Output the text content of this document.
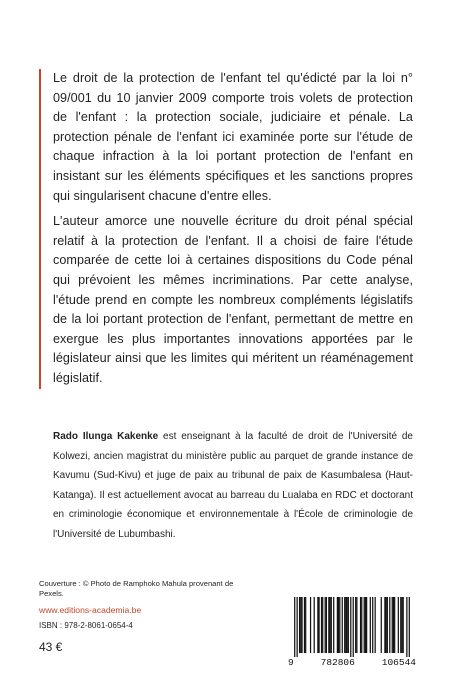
Le droit de la protection de l'enfant tel qu'édicté par la loi n° 09/001 du 10 janvier 2009 comporte trois volets de protection de l'enfant : la protection sociale, judiciaire et pénale. La protection pénale de l'enfant ici examinée porte sur l'étude de chaque infraction à la loi portant protection de l'enfant en insistant sur les éléments spécifiques et les sanctions propres qui singularisent chacune d'entre elles.

L'auteur amorce une nouvelle écriture du droit pénal spécial relatif à la protection de l'enfant. Il a choisi de faire l'étude comparée de cette loi à certaines dispositions du Code pénal qui prévoient les mêmes incriminations. Par cette analyse, l'étude prend en compte les nombreux compléments législatifs de la loi portant protection de l'enfant, permettant de mettre en exergue les plus importantes innovations apportées par le législateur ainsi que les limites qui méritent un réaménagement législatif.

Rado Ilunga Kakenke est enseignant à la faculté de droit de l'Université de Kolwezi, ancien magistrat du ministère public au parquet de grande instance de Kavumu (Sud-Kivu) et juge de paix au tribunal de paix de Kasumbalesa (Haut-Katanga). Il est actuellement avocat au barreau du Lualaba en RDC et doctorant en criminologie économique et environnementale à l'École de criminologie de l'Université de Lubumbashi.
Couverture : © Photo de Ramphoko Mahula provenant de Pexels.
www.editions-academia.be
ISBN : 978-2-8061-0654-4
43 €
9	782806	106544
